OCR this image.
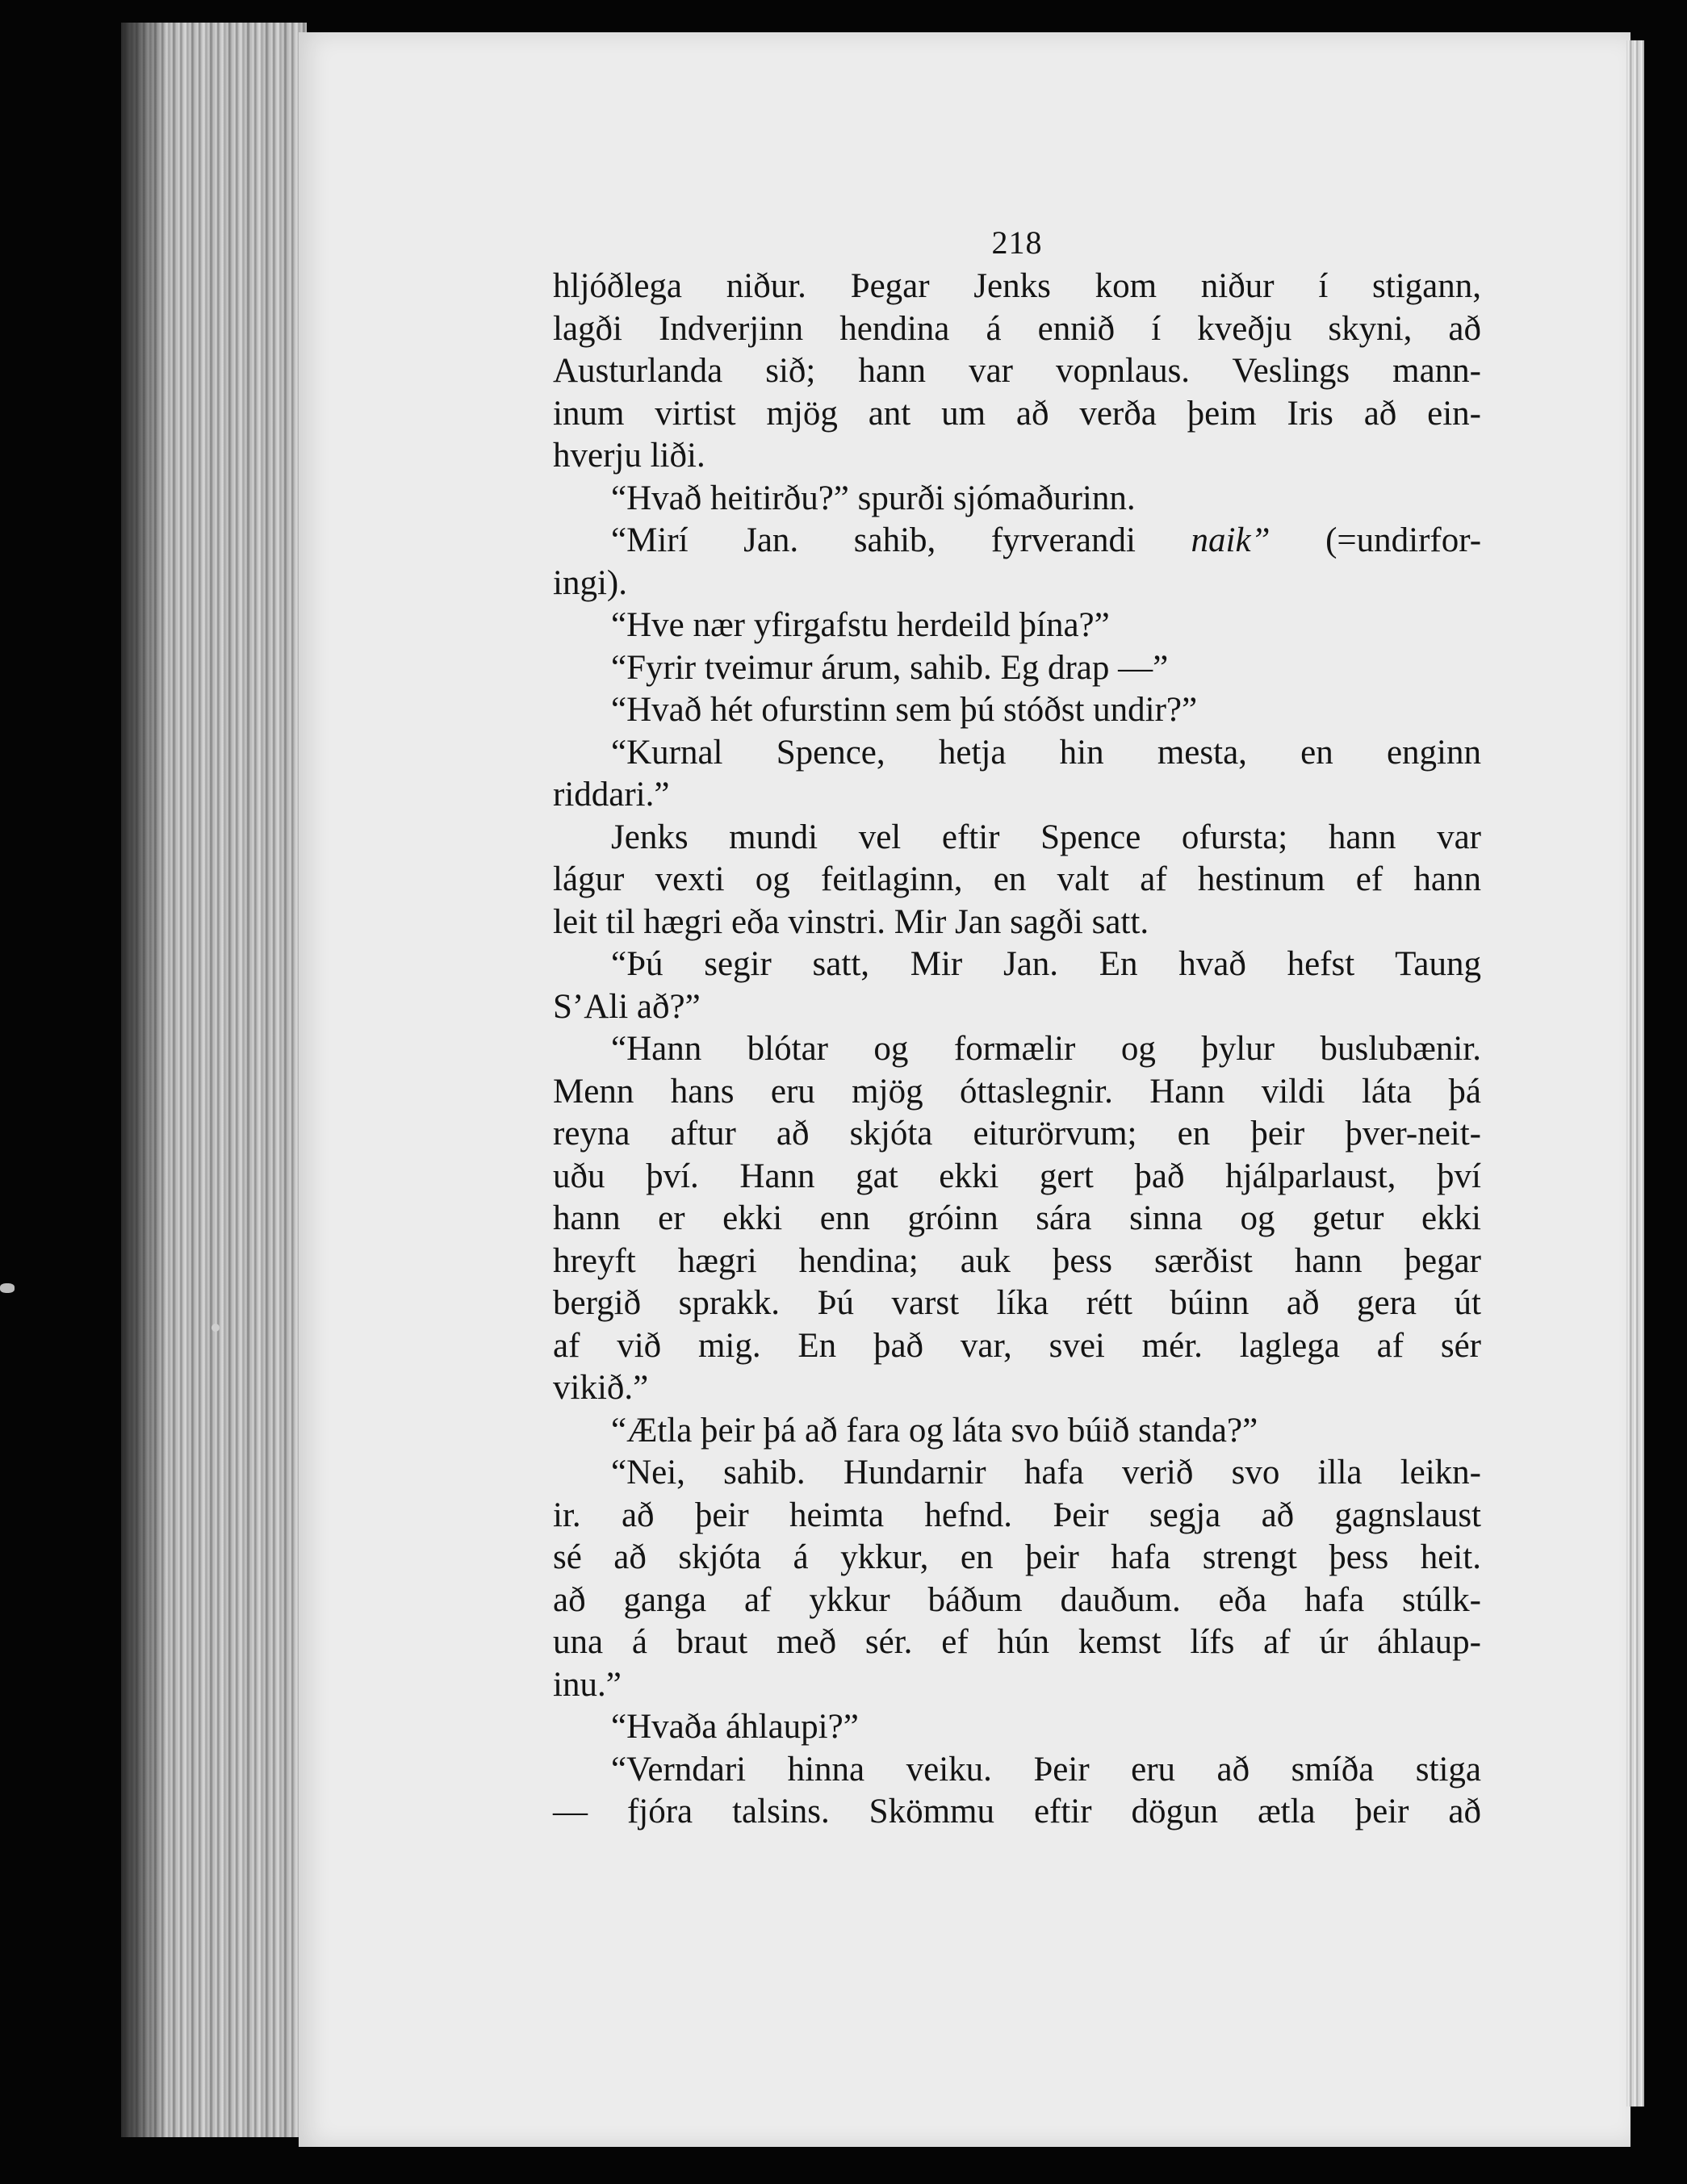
218
hljóðlega niður. Þegar Jenks kom niður í stigann,
lagði Indverjinn hendina á ennið í kveðju skyni, að
Austurlanda sið; hann var vopnlaus. Veslings mann-
inum virtist mjög ant um að verða þeim Iris að ein-
hverju liði.
“Hvað heitirðu?” spurði sjómaðurinn.
“Mirí Jan. sahib, fyrverandi naik” (=undirfor-
ingi).
“Hve nær yfirgafstu herdeild þína?”
“Fyrir tveimur árum, sahib. Eg drap —”
“Hvað hét ofurstinn sem þú stóðst undir?”
“Kurnal Spence, hetja hin mesta, en enginn
riddari.”
Jenks mundi vel eftir Spence ofursta; hann var
lágur vexti og feitlaginn, en valt af hestinum ef hann
leit til hægri eða vinstri. Mir Jan sagði satt.
“Þú segir satt, Mir Jan. En hvað hefst Taung
S’Ali að?”
“Hann blótar og formælir og þylur buslubænir.
Menn hans eru mjög óttaslegnir. Hann vildi láta þá
reyna aftur að skjóta eiturörvum; en þeir þver-neit-
uðu því. Hann gat ekki gert það hjálparlaust, því
hann er ekki enn gróinn sára sinna og getur ekki
hreyft hægri hendina; auk þess særðist hann þegar
bergið sprakk. Þú varst líka rétt búinn að gera út
af við mig. En það var, svei mér. laglega af sér
vikið.”
“Ætla þeir þá að fara og láta svo búið standa?”
“Nei, sahib. Hundarnir hafa verið svo illa leikn-
ir. að þeir heimta hefnd. Þeir segja að gagnslaust
sé að skjóta á ykkur, en þeir hafa strengt þess heit.
að ganga af ykkur báðum dauðum. eða hafa stúlk-
una á braut með sér. ef hún kemst lífs af úr áhlaup-
inu.”
“Hvaða áhlaupi?”
“Verndari hinna veiku. Þeir eru að smíða stiga
— fjóra talsins. Skömmu eftir dögun ætla þeir að
